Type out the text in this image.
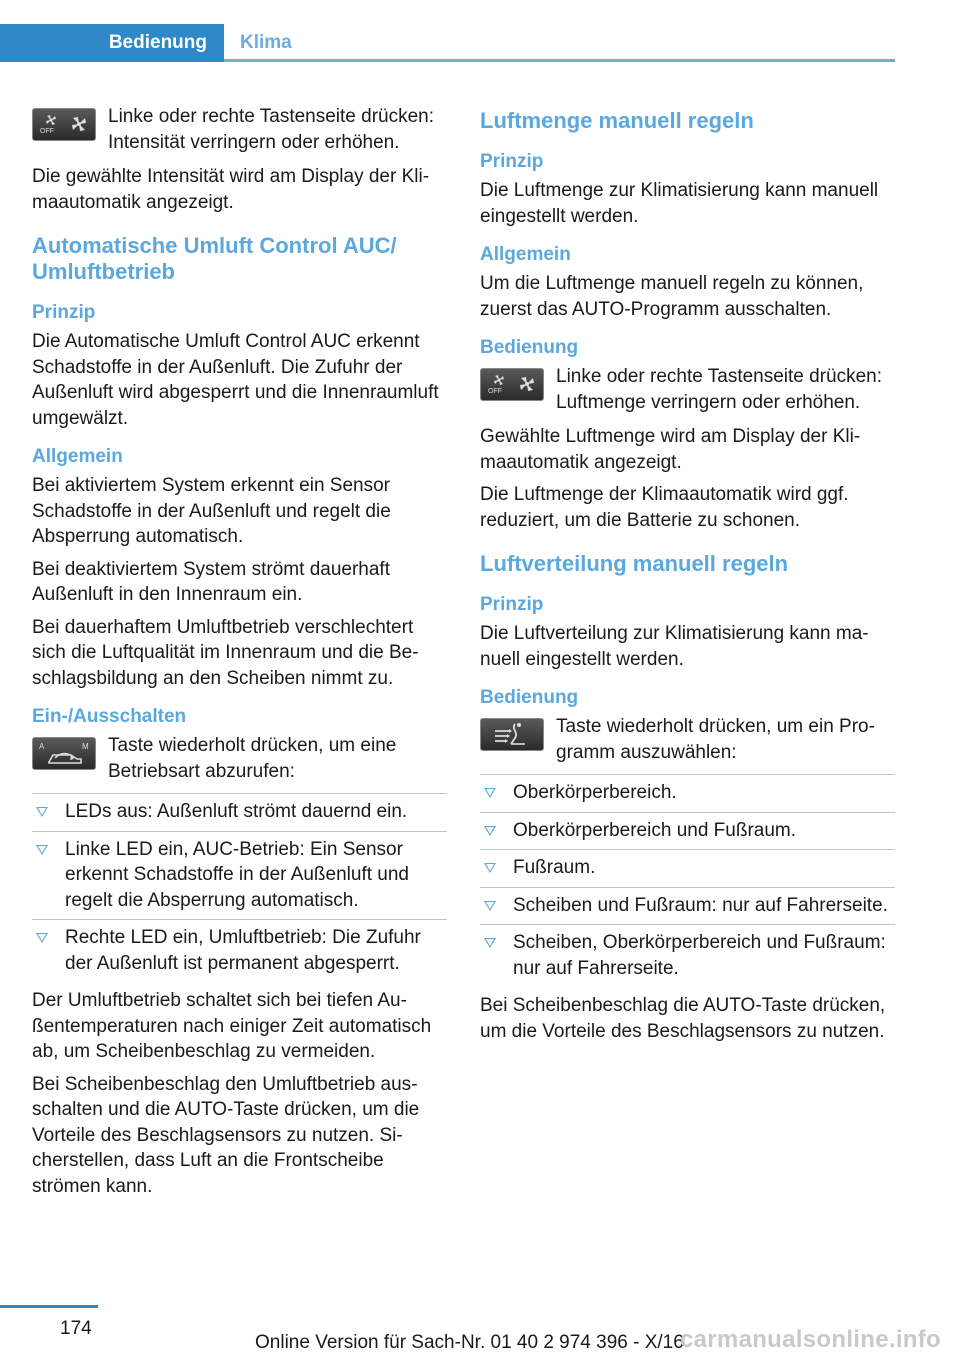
Bedienung	Klima
OFF
Linke oder rechte Tastenseite drücken: Intensität verringern oder erhöhen.

Die gewählte Intensität wird am Display der Klimaautomatik angezeigt.

Automatische Umluft Control AUC/ Umluftbetrieb
Prinzip

Die Automatische Umluft Control AUC erkennt Schadstoffe in der Außenluft. Die Zufuhr der Außenluft wird abgesperrt und die Innenraumluft umgewälzt.

Allgemein

Bei aktiviertem System erkennt ein Sensor Schadstoffe in der Außenluft und regelt die Absperrung automatisch.

Bei deaktiviertem System strömt dauerhaft Außenluft in den Innenraum ein.

Bei dauerhaftem Umluftbetrieb verschlechtert sich die Luftqualität im Innenraum und die Beschlagsbildung an den Scheiben nimmt zu.

Ein-/Ausschalten
A	M Taste wiederholt drücken, um eine Betriebsart abzurufen:
LEDs aus: Außenluft strömt dauernd ein.
Linke LED ein, AUC-Betrieb: Ein Sensor erkennt Schadstoffe in der Außenluft und regelt die Absperrung automatisch.
Rechte LED ein, Umluftbetrieb: Die Zufuhr der Außenluft ist permanent abgesperrt.

Der Umluftbetrieb schaltet sich bei tiefen Außentemperaturen nach einiger Zeit automatisch ab, um Scheibenbeschlag zu vermeiden.

Bei Scheibenbeschlag den Umluftbetrieb ausschalten und die AUTO-Taste drücken, um die Vorteile des Beschlagsensors zu nutzen. Sicherstellen, dass Luft an die Frontscheibe strömen kann.

Luftmenge manuell regeln
Prinzip

Die Luftmenge zur Klimatisierung kann manuell eingestellt werden.

Allgemein

Um die Luftmenge manuell regeln zu können, zuerst das AUTO-Programm ausschalten.

Bedienung
OFF
Linke oder rechte Tastenseite drücken: Luftmenge verringern oder erhöhen.

Gewählte Luftmenge wird am Display der Klimaautomatik angezeigt.

Die Luftmenge der Klimaautomatik wird ggf. reduziert, um die Batterie zu schonen.

Luftverteilung manuell regeln
Prinzip

Die Luftverteilung zur Klimatisierung kann manuell eingestellt werden.

Bedienung
Taste wiederholt drücken, um ein Programm auszuwählen:
Oberkörperbereich.
Oberkörperbereich und Fußraum.
Fußraum.
Scheiben und Fußraum: nur auf Fahrerseite.
Scheiben, Oberkörperbereich und Fußraum: nur auf Fahrerseite.

Bei Scheibenbeschlag die AUTO-Taste drücken, um die Vorteile des Beschlagsensors zu nutzen.

174
Online Version für Sach-Nr. 01 40 2 974 396 - X/16
carmanualsonline.info
